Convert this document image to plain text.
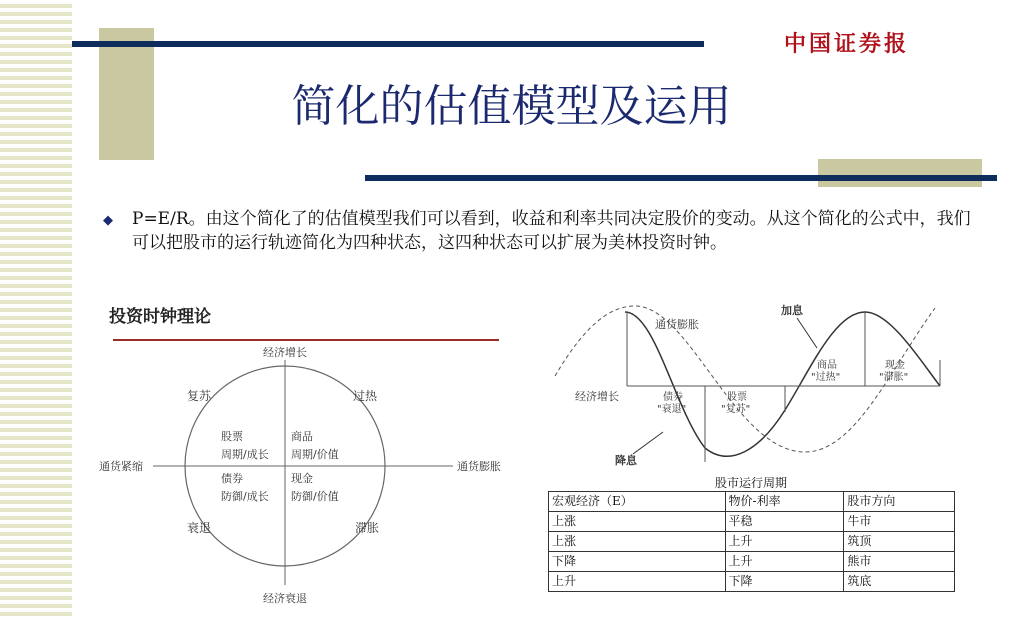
中国证券报
简化的估值模型及运用
◆ P=E/R。由这个简化了的估值模型我们可以看到，收益和利率共同决定股价的变动。从这个简化的公式中，我们可以把股市的运行轨迹简化为四种状态，这四种状态可以扩展为美林投资时钟。
投资时钟理论
经济增长
经济衰退
通货紧缩	通货膨胀
复苏	过热
衰退	滞胀
股票
周期/成长
商品
周期/价值
债券
防御/成长
现金
防御/价值
加息
降息
通货膨胀
经济增长	债券
"衰退"
股票
"复苏"
商品
"过热"
现金
"滞胀"
股市运行周期
宏观经济（E）	物价-利率	股市方向
上涨	平稳	牛市
上涨	上升	筑顶
下降	上升	熊市
上升	下降	筑底
